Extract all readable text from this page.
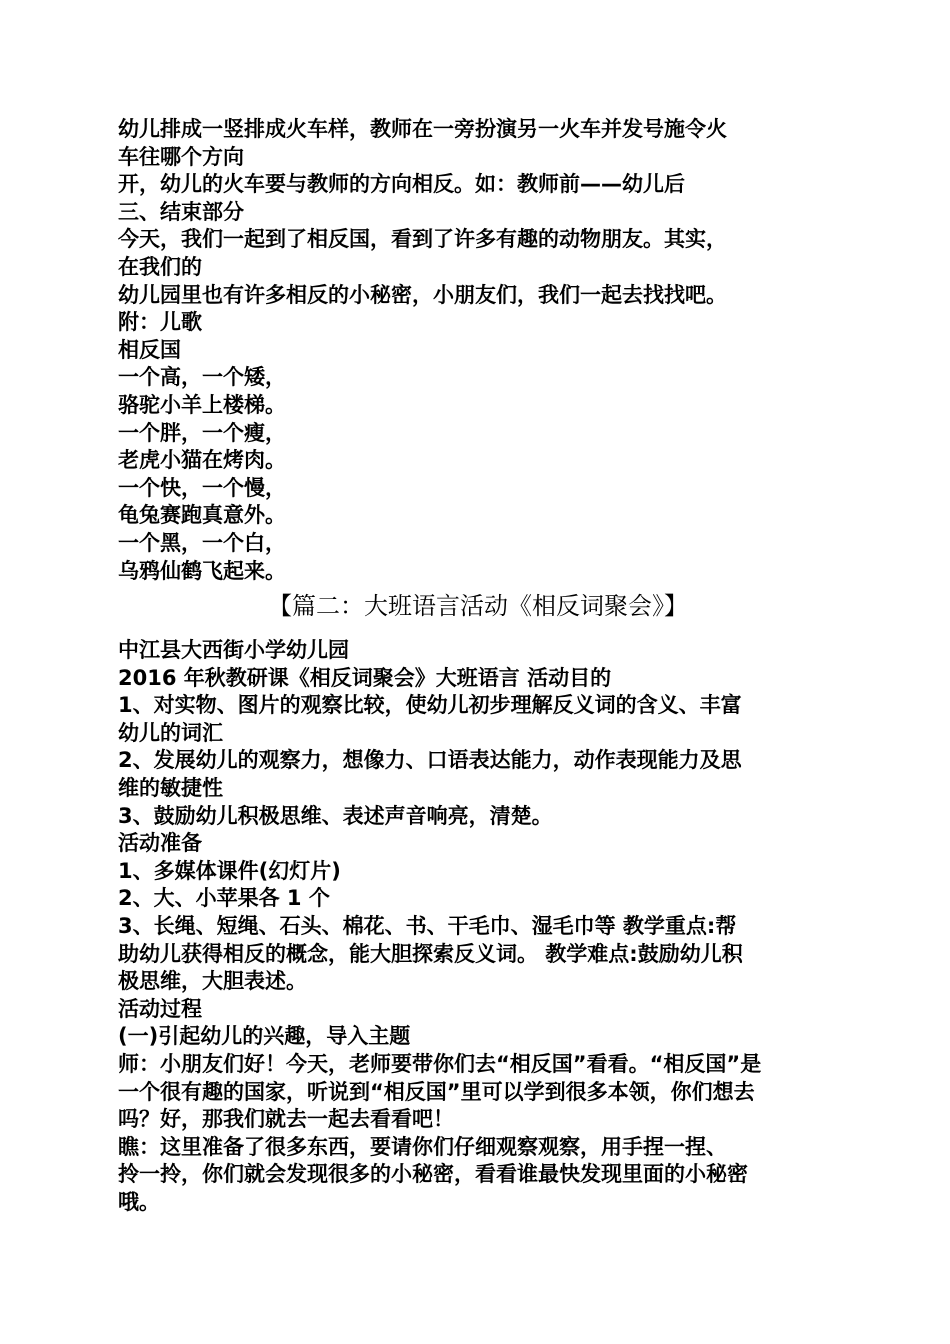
幼儿排成一竖排成火车样，教师在一旁扮演另一火车并发号施令火
车往哪个方向
开，幼儿的火车要与教师的方向相反。如：教师前——幼儿后
三、结束部分
今天，我们一起到了相反国，看到了许多有趣的动物朋友。其实，
在我们的
幼儿园里也有许多相反的小秘密，小朋友们，我们一起去找找吧。
附：儿歌
相反国
一个高，一个矮，
骆驼小羊上楼梯。
一个胖，一个瘦，
老虎小猫在烤肉。
一个快，一个慢，
龟兔赛跑真意外。
一个黑，一个白，
乌鸦仙鹤飞起来。
【篇二：大班语言活动《相反词聚会》】
中江县大西街小学幼儿园
2016 年秋教研课《相反词聚会》大班语言 活动目的
1、对实物、图片的观察比较，使幼儿初步理解反义词的含义、丰富
幼儿的词汇
2、发展幼儿的观察力，想像力、口语表达能力，动作表现能力及思
维的敏捷性
3、鼓励幼儿积极思维、表述声音响亮，清楚。
活动准备
1、多媒体课件(幻灯片)
2、大、小苹果各 1 个
3、长绳、短绳、石头、棉花、书、干毛巾、湿毛巾等 教学重点:帮
助幼儿获得相反的概念，能大胆探索反义词。 教学难点:鼓励幼儿积
极思维，大胆表述。
活动过程
(一)引起幼儿的兴趣，导入主题
师：小朋友们好！今天，老师要带你们去“相反国”看看。“相反国”是
一个很有趣的国家，听说到“相反国”里可以学到很多本领，你们想去
吗？好，那我们就去一起去看看吧！
瞧：这里准备了很多东西，要请你们仔细观察观察，用手捏一捏、
拎一拎，你们就会发现很多的小秘密，看看谁最快发现里面的小秘密
哦。
